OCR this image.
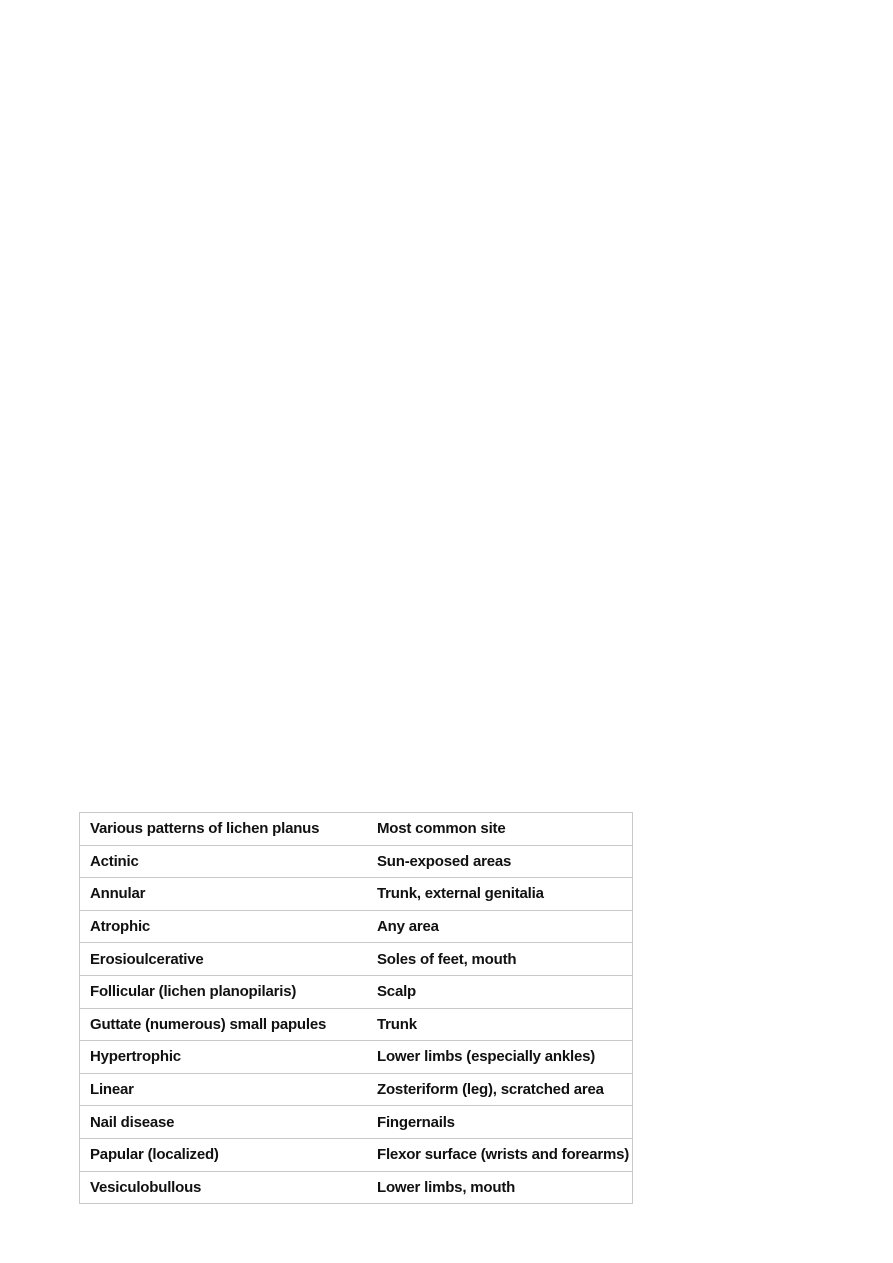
Various patterns of lichen planus	Most common site
Actinic	Sun-exposed areas
Annular	Trunk, external genitalia
Atrophic	Any area
Erosioulcerative	Soles of feet, mouth
Follicular (lichen planopilaris)	Scalp
Guttate (numerous) small papules	Trunk
Hypertrophic	Lower limbs (especially ankles)
Linear	Zosteriform (leg), scratched area
Nail disease	Fingernails
Papular (localized)	Flexor surface (wrists and forearms)
Vesiculobullous	Lower limbs, mouth
